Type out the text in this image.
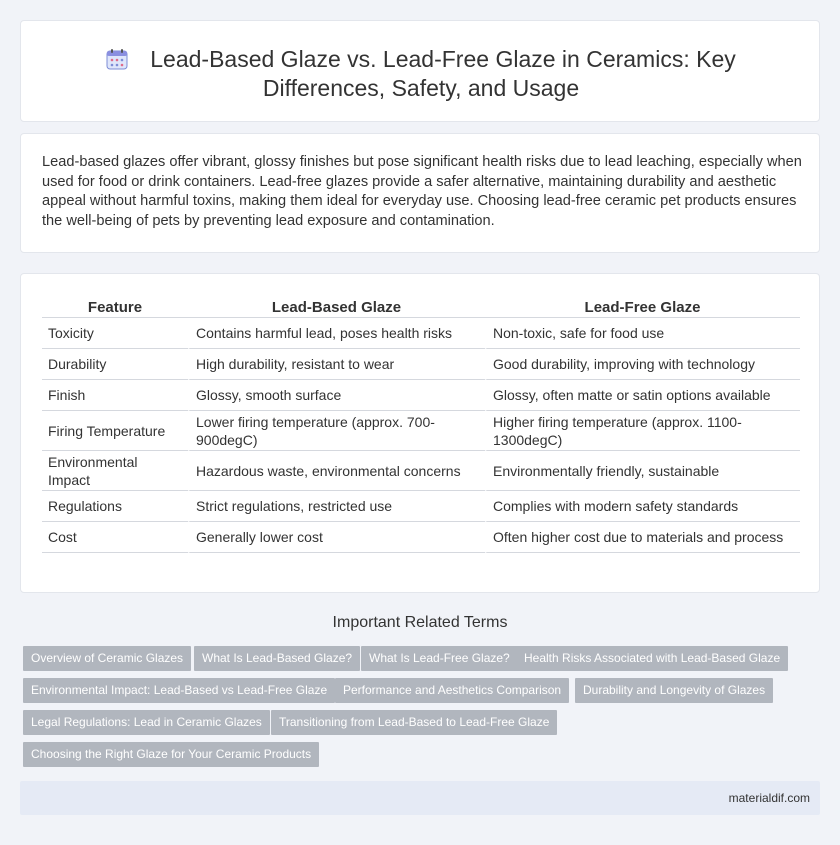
Lead-Based Glaze vs. Lead-Free Glaze in Ceramics: Key
Differences, Safety, and Usage

Lead-based glazes offer vibrant, glossy finishes but pose significant health risks due to lead leaching, especially when used for food or drink containers. Lead-free glazes provide a safer alternative, maintaining durability and aesthetic appeal without harmful toxins, making them ideal for everyday use. Choosing lead-free ceramic pet products ensures the well-being of pets by preventing lead exposure and contamination.

Feature	Lead-Based Glaze	Lead-Free Glaze
Toxicity	Contains harmful lead, poses health risks	Non-toxic, safe for food use
Durability	High durability, resistant to wear	Good durability, improving with technology
Finish	Glossy, smooth surface	Glossy, often matte or satin options available
Firing Temperature	Lower firing temperature (approx. 700-900degC)	Higher firing temperature (approx. 1100-1300degC)
Environmental Impact	Hazardous waste, environmental concerns	Environmentally friendly, sustainable
Regulations	Strict regulations, restricted use	Complies with modern safety standards
Cost	Generally lower cost	Often higher cost due to materials and process
Important Related Terms
Overview of Ceramic Glazes	What Is Lead-Based Glaze?	What Is Lead-Free Glaze?	Health Risks Associated with Lead-Based Glaze
Environmental Impact: Lead-Based vs Lead-Free Glaze	Performance and Aesthetics Comparison	Durability and Longevity of Glazes
Legal Regulations: Lead in Ceramic Glazes	Transitioning from Lead-Based to Lead-Free Glaze
Choosing the Right Glaze for Your Ceramic Products
materialdif.com
